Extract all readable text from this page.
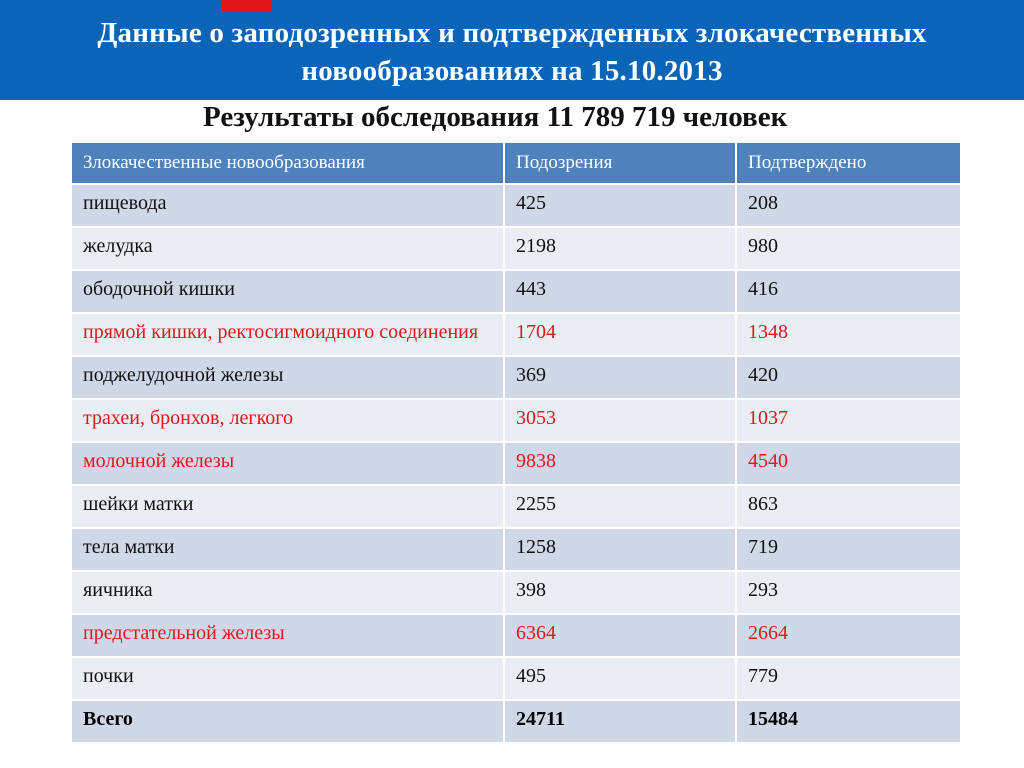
Данные о заподозренных и подтвержденных злокачественных
новообразованиях на 15.10.2013
Результаты обследования 11 789 719 человек
Злокачественные новообразования	Подозрения	Подтверждено
пищевода	425	208
желудка	2198	980
ободочной кишки	443	416
прямой кишки, ректосигмоидного соединения	1704	1348
поджелудочной железы	369	420
трахеи, бронхов, легкого	3053	1037
молочной железы	9838	4540
шейки матки	2255	863
тела матки	1258	719
яичника	398	293
предстательной железы	6364	2664
почки	495	779
Всего	24711	15484
